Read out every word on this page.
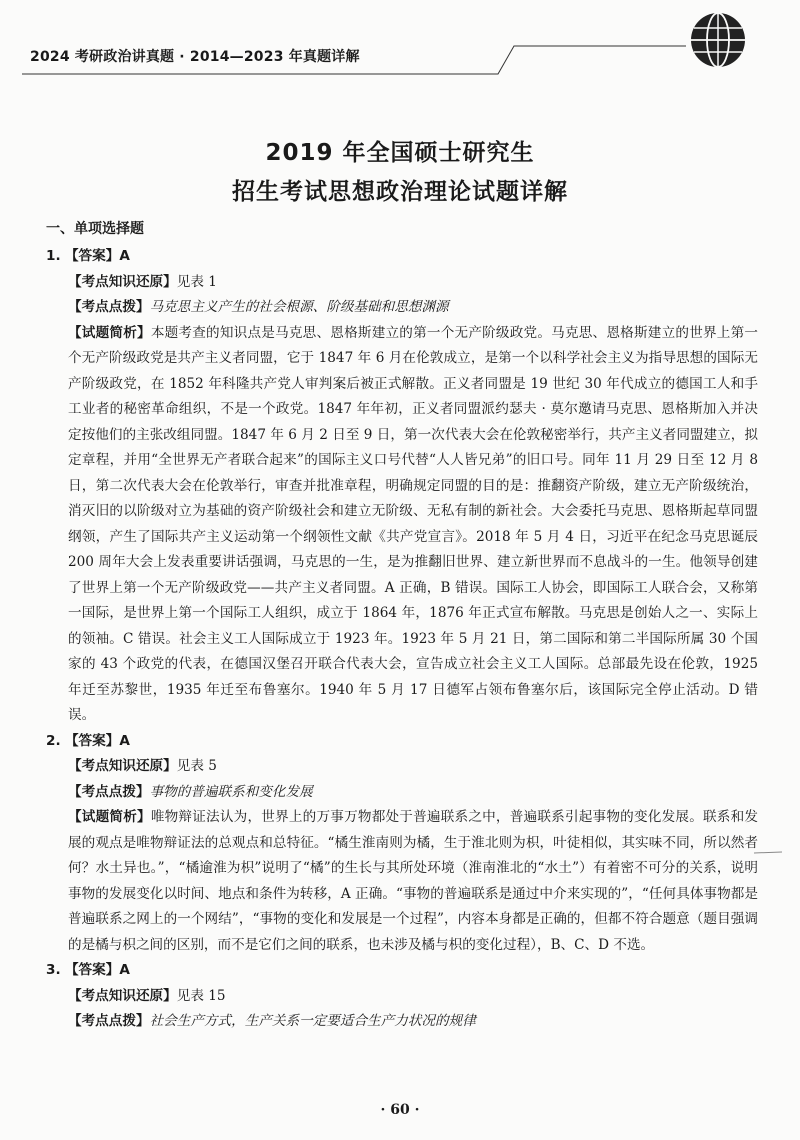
2024 考研政治讲真题 · 2014—2023 年真题详解
2019 年全国硕士研究生
招生考试思想政治理论试题详解
一、单项选择题
1. 【答案】A
【考点知识还原】见表 1
【考点点拨】马克思主义产生的社会根源、阶级基础和思想渊源
【试题简析】本题考查的知识点是马克思、恩格斯建立的第一个无产阶级政党。马克思、恩格斯建立的世界上第一个无产阶级政党是共产主义者同盟，它于 1847 年 6 月在伦敦成立，是第一个以科学社会主义为指导思想的国际无产阶级政党，在 1852 年科隆共产党人审判案后被正式解散。正义者同盟是 19 世纪 30 年代成立的德国工人和手工业者的秘密革命组织，不是一个政党。1847 年年初，正义者同盟派约瑟夫 · 莫尔邀请马克思、恩格斯加入并决定按他们的主张改组同盟。1847 年 6 月 2 日至 9 日，第一次代表大会在伦敦秘密举行，共产主义者同盟建立，拟定章程，并用“全世界无产者联合起来”的国际主义口号代替“人人皆兄弟”的旧口号。同年 11 月 29 日至 12 月 8 日，第二次代表大会在伦敦举行，审查并批准章程，明确规定同盟的目的是：推翻资产阶级，建立无产阶级统治，消灭旧的以阶级对立为基础的资产阶级社会和建立无阶级、无私有制的新社会。大会委托马克思、恩格斯起草同盟纲领，产生了国际共产主义运动第一个纲领性文献《共产党宣言》。2018 年 5 月 4 日，习近平在纪念马克思诞辰 200 周年大会上发表重要讲话强调，马克思的一生，是为推翻旧世界、建立新世界而不息战斗的一生。他领导创建了世界上第一个无产阶级政党——共产主义者同盟。A 正确，B 错误。国际工人协会，即国际工人联合会，又称第一国际，是世界上第一个国际工人组织，成立于 1864 年，1876 年正式宣布解散。马克思是创始人之一、实际上的领袖。C 错误。社会主义工人国际成立于 1923 年。1923 年 5 月 21 日，第二国际和第二半国际所属 30 个国家的 43 个政党的代表，在德国汉堡召开联合代表大会，宣告成立社会主义工人国际。总部最先设在伦敦，1925 年迁至苏黎世，1935 年迁至布鲁塞尔。1940 年 5 月 17 日德军占领布鲁塞尔后，该国际完全停止活动。D 错误。
2. 【答案】A
【考点知识还原】见表 5
【考点点拨】事物的普遍联系和变化发展
【试题简析】唯物辩证法认为，世界上的万事万物都处于普遍联系之中，普遍联系引起事物的变化发展。联系和发展的观点是唯物辩证法的总观点和总特征。“橘生淮南则为橘，生于淮北则为枳，叶徒相似，其实味不同，所以然者何？水土异也。”，“橘逾淮为枳”说明了“橘”的生长与其所处环境（淮南淮北的“水土”）有着密不可分的关系，说明事物的发展变化以时间、地点和条件为转移，A 正确。“事物的普遍联系是通过中介来实现的”，“任何具体事物都是普遍联系之网上的一个网结”，“事物的变化和发展是一个过程”，内容本身都是正确的，但都不符合题意（题目强调的是橘与枳之间的区别，而不是它们之间的联系，也未涉及橘与枳的变化过程），B、C、D 不选。
3. 【答案】A
【考点知识还原】见表 15
【考点点拨】社会生产方式，生产关系一定要适合生产力状况的规律
· 60 ·
